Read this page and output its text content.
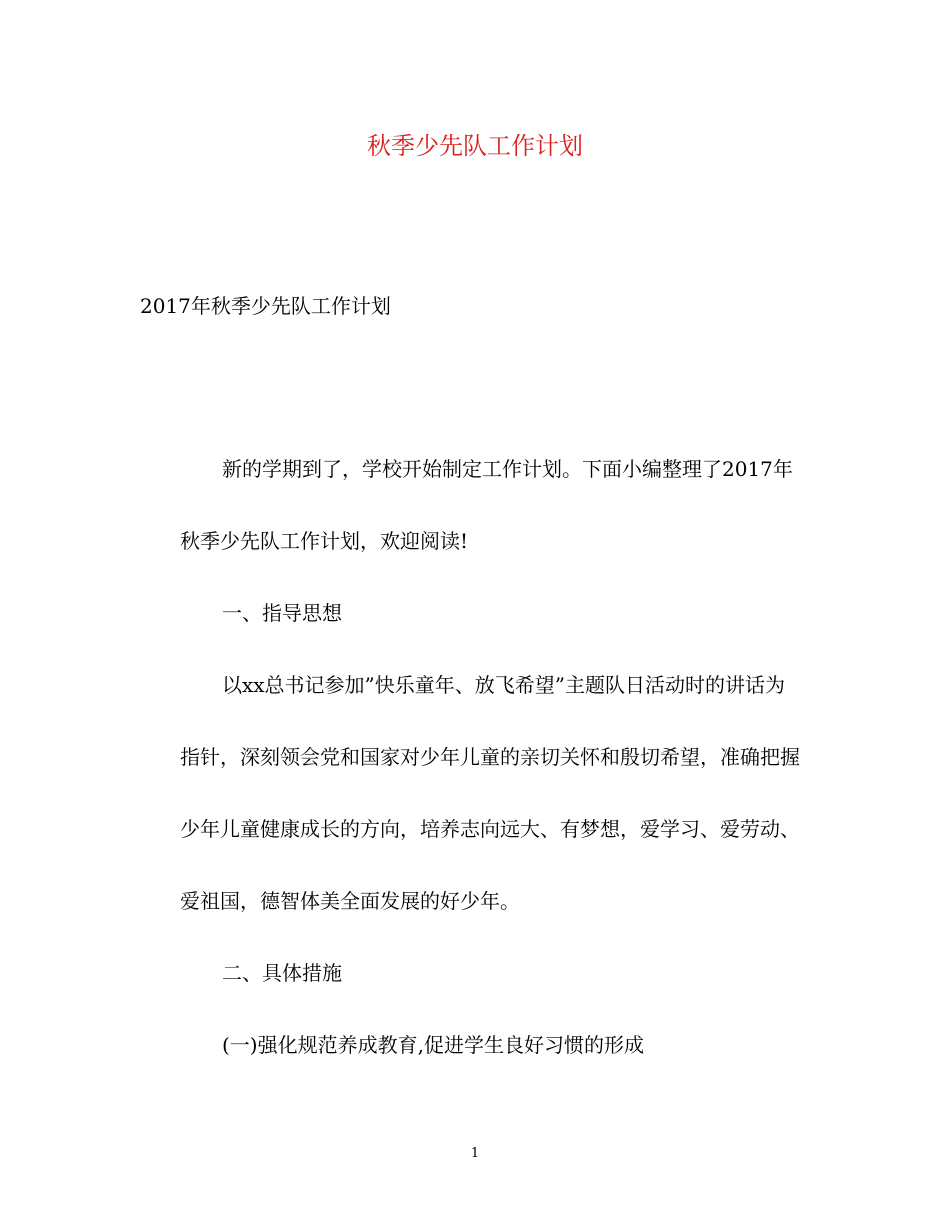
秋季少先队工作计划
2017年秋季少先队工作计划
新的学期到了，学校开始制定工作计划。下面小编整理了2017年
秋季少先队工作计划，欢迎阅读!
一、指导思想
以xx总书记参加”快乐童年、放飞希望”主题队日活动时的讲话为
指针，深刻领会党和国家对少年儿童的亲切关怀和殷切希望，准确把握
少年儿童健康成长的方向，培养志向远大、有梦想，爱学习、爱劳动、
爱祖国，德智体美全面发展的好少年。
二、具体措施
(一)强化规范养成教育,促进学生良好习惯的形成
1
